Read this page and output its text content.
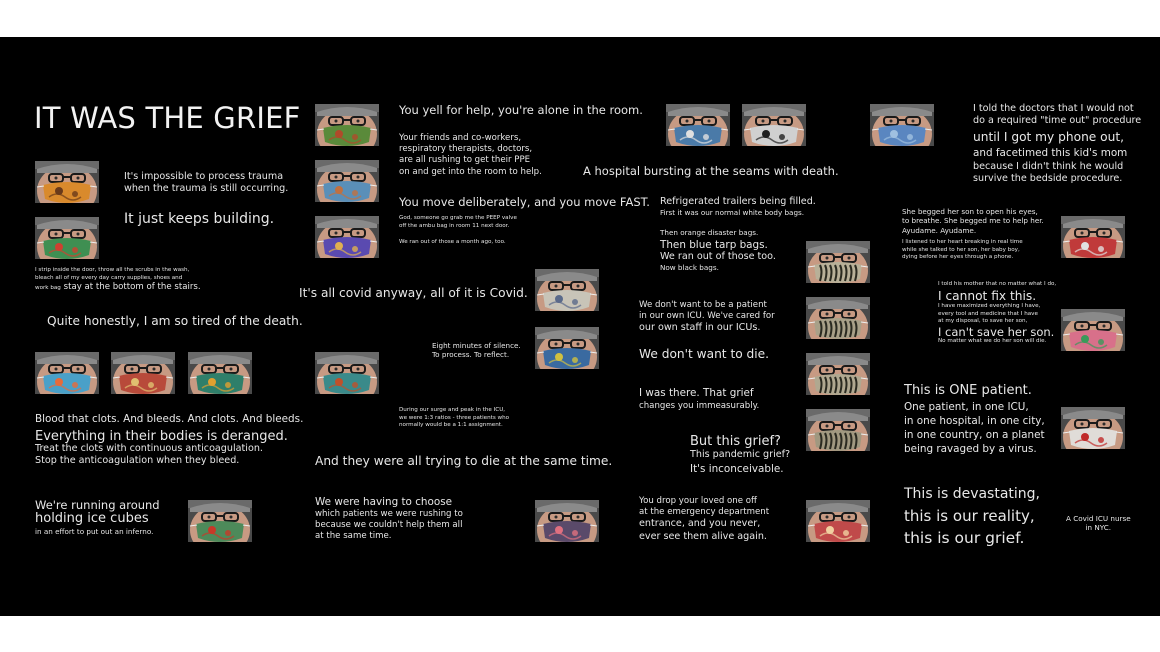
IT WAS THE GRIEF
It's impossible to process trauma
when the trauma is still occurring.
It just keeps building.
I strip inside the door, throw all the scrubs in the wash,
bleach all of my every day carry supplies, shoes and
work bag stay at the bottom of the stairs.
Quite honestly, I am so tired of the death.
Blood that clots. And bleeds. And clots. And bleeds.
Everything in their bodies is deranged.
Treat the clots with continuous anticoagulation.
Stop the anticoagulation when they bleed.
We're running around
holding ice cubes
in an effort to put out an inferno.
You yell for help, you're alone in the room.
Your friends and co-workers,
respiratory therapists, doctors,
are all rushing to get their PPE
on and get into the room to help.
You move deliberately, and you move FAST.
God, someone go grab me the PEEP valve
off the ambu bag in room 11 next door.
We ran out of those a month ago, too.
It's all covid anyway, all of it is Covid.
Eight minutes of silence.
To process. To reflect.
During our surge and peak in the ICU,
we were 1:3 ratios - three patients who
normally would be a 1:1 assignment.
And they were all trying to die at the same time.
We were having to choose
which patients we were rushing to
because we couldn't help them all
at the same time.
A hospital bursting at the seams with death.
Refrigerated trailers being filled.
First it was our normal white body bags.
Then orange disaster bags.
Then blue tarp bags.
We ran out of those too.
Now black bags.
We don't want to be a patient
in our own ICU. We've cared for
our own staff in our ICUs.
We don't want to die.
I was there. That grief
changes you immeasurably.
But this grief?
This pandemic grief?
It's inconceivable.
You drop your loved one off
at the emergency department
entrance, and you never,
ever see them alive again.
I told the doctors that I would not
do a required "time out" procedure
until I got my phone out,
and facetimed this kid's mom
because I didn't think he would
survive the bedside procedure.
She begged her son to open his eyes,
to breathe. She begged me to help her.
Ayudame. Ayudame.
I listened to her heart breaking in real time
while she talked to her son, her baby boy,
dying before her eyes through a phone.
I told his mother that no matter what I do,
I cannot fix this.
I have maximized everything I have,
every tool and medicine that I have
at my disposal, to save her son,
I can't save her son.
No matter what we do her son will die.
This is ONE patient.
One patient, in one ICU,
in one hospital, in one city,
in one country, on a planet
being ravaged by a virus.
This is devastating,
this is our reality,
this is our grief.
A Covid ICU nurse
in NYC.
